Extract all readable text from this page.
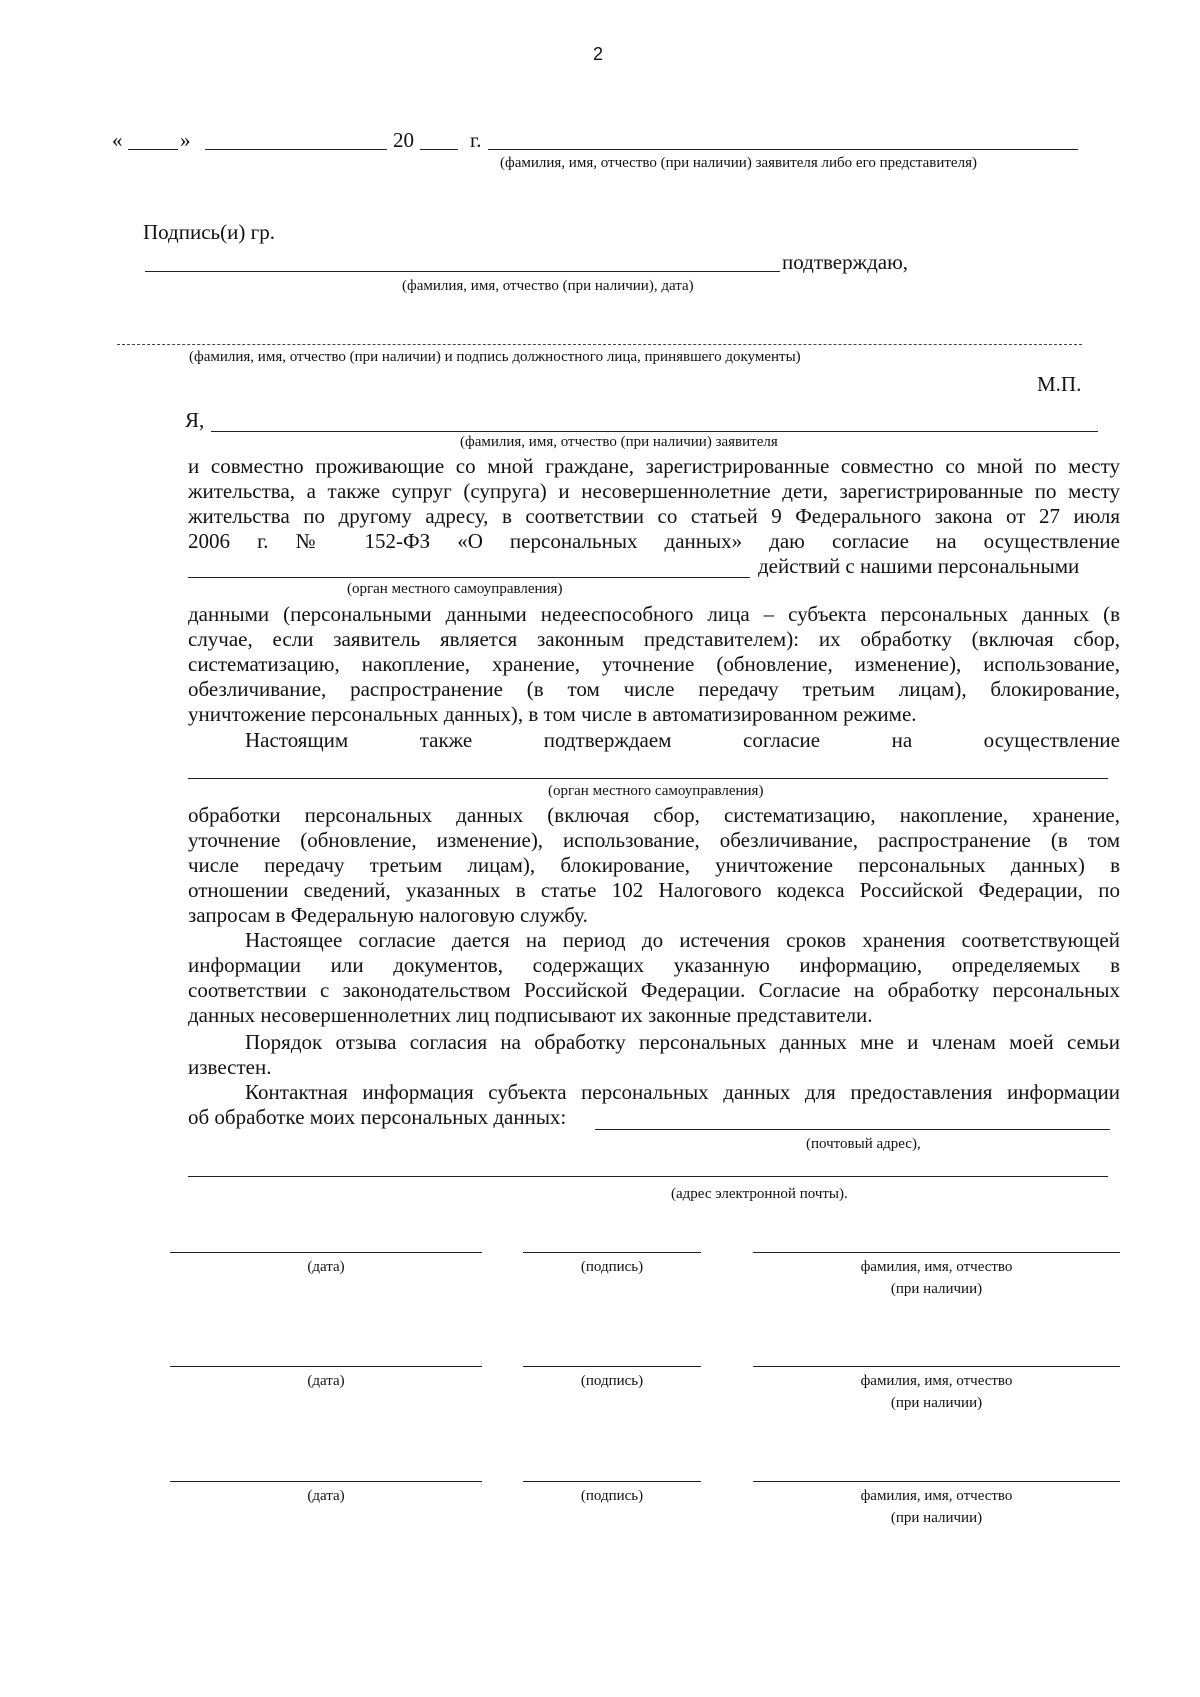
2
«	»	20	г.
(фамилия, имя, отчество (при наличии) заявителя либо его представителя)
Подпись(и) гр.
подтверждаю,
(фамилия, имя, отчество (при наличии), дата)
(фамилия, имя, отчество (при наличии) и подпись должностного лица, принявшего документы)
М.П.
Я,
(фамилия, имя, отчество (при наличии) заявителя
и совместно проживающие со мной граждане, зарегистрированные совместно со мной по месту
жительства, а также супруг (супруга) и несовершеннолетние дети, зарегистрированные по месту
жительства по другому адресу, в соответствии со статьей 9 Федерального закона от 27 июля
2006 г. № 152-ФЗ «О персональных данных» даю согласие на осуществление
действий с нашими персональными
(орган местного самоуправления)
данными (персональными данными недееспособного лица – субъекта персональных данных (в
случае, если заявитель является законным представителем): их обработку (включая сбор,
систематизацию, накопление, хранение, уточнение (обновление, изменение), использование,
обезличивание, распространение (в том числе передачу третьим лицам), блокирование,
уничтожение персональных данных), в том числе в автоматизированном режиме.
Настоящим также подтверждаем согласие на осуществление
(орган местного самоуправления)
обработки персональных данных (включая сбор, систематизацию, накопление, хранение,
уточнение (обновление, изменение), использование, обезличивание, распространение (в том
числе передачу третьим лицам), блокирование, уничтожение персональных данных) в
отношении сведений, указанных в статье 102 Налогового кодекса Российской Федерации, по
запросам в Федеральную налоговую службу.
Настоящее согласие дается на период до истечения сроков хранения соответствующей
информации или документов, содержащих указанную информацию, определяемых в
соответствии с законодательством Российской Федерации. Согласие на обработку персональных
данных несовершеннолетних лиц подписывают их законные представители.
Порядок отзыва согласия на обработку персональных данных мне и членам моей семьи
известен.
Контактная информация субъекта персональных данных для предоставления информации
об обработке моих персональных данных:
(почтовый адрес),
(адрес электронной почты).
(дата)	(подпись)	фамилия, имя, отчество
(при наличии)
(дата)	(подпись)	фамилия, имя, отчество
(при наличии)
(дата)	(подпись)	фамилия, имя, отчество
(при наличии)
